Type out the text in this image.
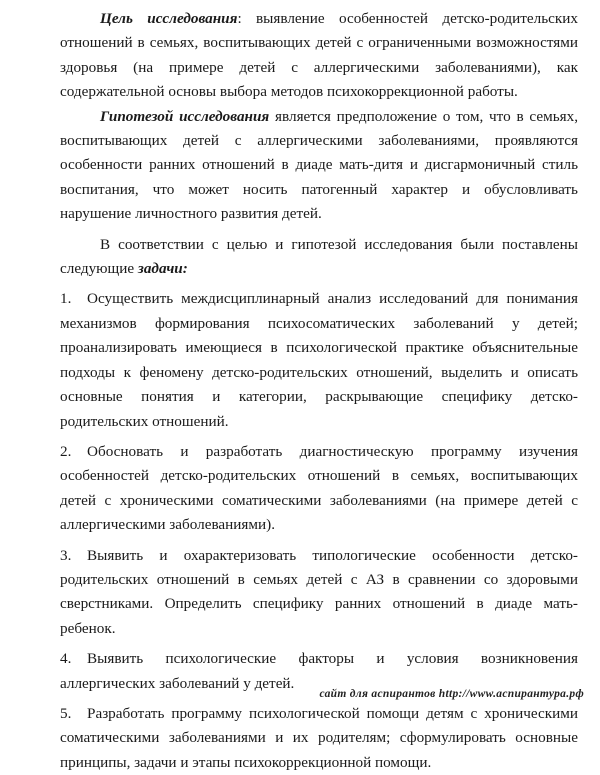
Цель исследования: выявление особенностей детско-родительских отношений в семьях, воспитывающих детей с ограниченными возможностями здоровья (на примере детей с аллергическими заболеваниями), как содержательной основы выбора методов психокоррекционной работы.

Гипотезой исследования является предположение о том, что в семьях, воспитывающих детей с аллергическими заболеваниями, проявляются особенности ранних отношений в диаде мать-дитя и дисгармоничный стиль воспитания, что может носить патогенный характер и обусловливать нарушение личностного развития детей.

В соответствии с целью и гипотезой исследования были поставлены следующие задачи:

1. Осуществить междисциплинарный анализ исследований для понимания механизмов формирования психосоматических заболеваний у детей; проанализировать имеющиеся в психологической практике объяснительные подходы к феномену детско-родительских отношений, выделить и описать основные понятия и категории, раскрывающие специфику детско-родительских отношений.

2. Обосновать и разработать диагностическую программу изучения особенностей детско-родительских отношений в семьях, воспитывающих детей с хроническими соматическими заболеваниями (на примере детей с аллергическими заболеваниями).

3. Выявить и охарактеризовать типологические особенности детско-родительских отношений в семьях детей с АЗ в сравнении со здоровыми сверстниками. Определить специфику ранних отношений в диаде мать-ребенок.

4. Выявить психологические факторы и условия возникновения аллергических заболеваний у детей.

5. Разработать программу психологической помощи детям с хроническими соматическими заболеваниями и их родителям; сформулировать основные принципы, задачи и этапы психокоррекционной помощи.

сайт для аспирантов http://www.аспирантура.рф
